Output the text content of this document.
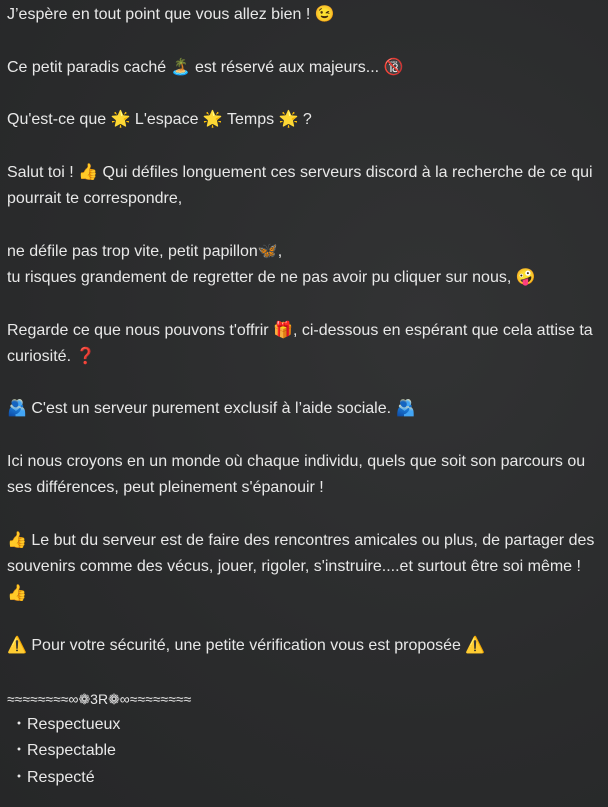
J’espère en tout point que vous allez bien ! 😉
Ce petit paradis caché 🏝️ est réservé aux majeurs... 🔞
Qu'est-ce que 🌟 L'espace 🌟 Temps 🌟 ?
Salut toi ! 👍 Qui défiles longuement ces serveurs discord à la recherche de ce qui pourrait te correspondre,
ne défile pas trop vite, petit papillon🦋,
tu risques grandement de regretter de ne pas avoir pu cliquer sur nous, 🤪
Regarde ce que nous pouvons t'offrir 🎁, ci-dessous en espérant que cela attise ta curiosité. ❓
🫂 C'est un serveur purement exclusif à l’aide sociale. 🫂
Ici nous croyons en un monde où chaque individu, quels que soit son parcours ou ses différences, peut pleinement s'épanouir !
👍 Le but du serveur est de faire des rencontres amicales ou plus, de partager des souvenirs comme des vécus, jouer, rigoler, s'instruire....et surtout être soi même ! 👍
⚠️ Pour votre sécurité, une petite vérification vous est proposée ⚠️
≈≈≈≈≈≈≈≈∞❁3R❁∞≈≈≈≈≈≈≈≈
・Respectueux
・Respectable
・Respecté
